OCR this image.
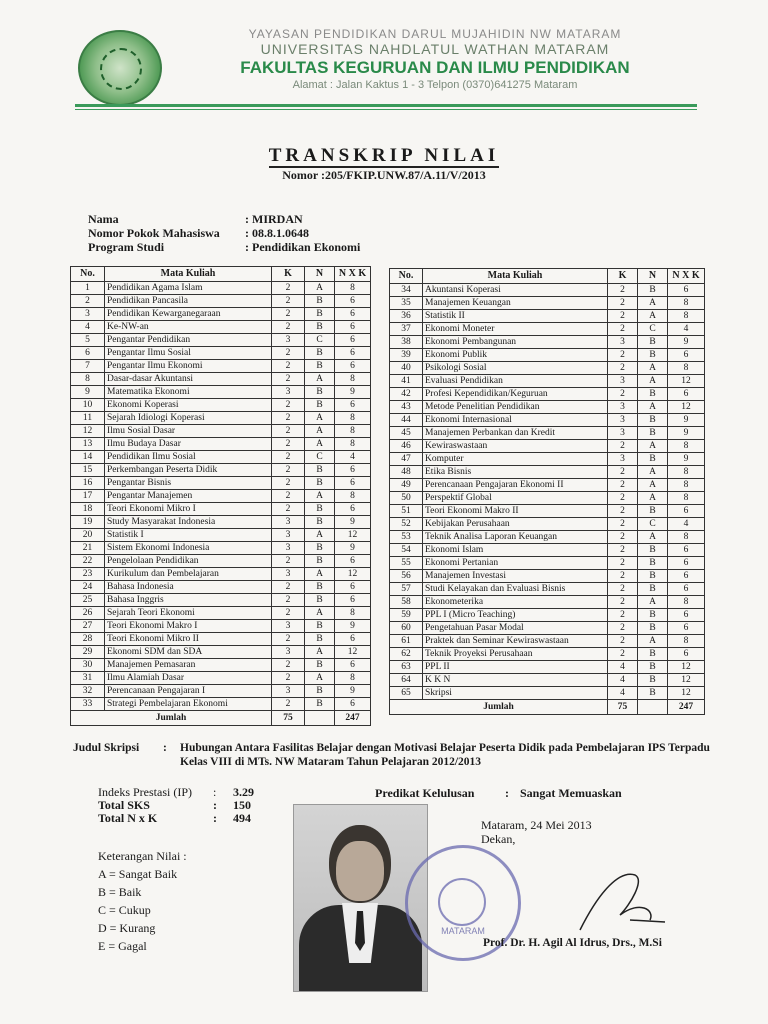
YAYASAN PENDIDIKAN DARUL MUJAHIDIN NW MATARAM
UNIVERSITAS NAHDLATUL WATHAN MATARAM
FAKULTAS KEGURUAN DAN ILMU PENDIDIKAN
Alamat : Jalan Kaktus 1 - 3 Telpon (0370)641275 Mataram
TRANSKRIP NILAI
Nomor :205/FKIP.UNW.87/A.11/V/2013
Nama	: MIRDAN
Nomor Pokok Mahasiswa	: 08.8.1.0648
Program Studi	: Pendidikan Ekonomi
No.	Mata Kuliah	K	N	N X K
1	Pendidikan Agama Islam	2	A	8
2	Pendidikan Pancasila	2	B	6
3	Pendidikan Kewarganegaraan	2	B	6
4	Ke-NW-an	2	B	6
5	Pengantar Pendidikan	3	C	6
6	Pengantar Ilmu Sosial	2	B	6
7	Pengantar Ilmu Ekonomi	2	B	6
8	Dasar-dasar Akuntansi	2	A	8
9	Matematika Ekonomi	3	B	9
10	Ekonomi Koperasi	2	B	6
11	Sejarah Idiologi Koperasi	2	A	8
12	Ilmu Sosial Dasar	2	A	8
13	Ilmu Budaya Dasar	2	A	8
14	Pendidikan Ilmu Sosial	2	C	4
15	Perkembangan Peserta Didik	2	B	6
16	Pengantar Bisnis	2	B	6
17	Pengantar Manajemen	2	A	8
18	Teori Ekonomi Mikro I	2	B	6
19	Study Masyarakat Indonesia	3	B	9
20	Statistik I	3	A	12
21	Sistem Ekonomi Indonesia	3	B	9
22	Pengelolaan Pendidikan	2	B	6
23	Kurikulum dan Pembelajaran	3	A	12
24	Bahasa Indonesia	2	B	6
25	Bahasa Inggris	2	B	6
26	Sejarah Teori Ekonomi	2	A	8
27	Teori Ekonomi Makro I	3	B	9
28	Teori Ekonomi Mikro II	2	B	6
29	Ekonomi SDM dan SDA	3	A	12
30	Manajemen Pemasaran	2	B	6
31	Ilmu Alamiah Dasar	2	A	8
32	Perencanaan Pengajaran I	3	B	9
33	Strategi Pembelajaran Ekonomi	2	B	6
Jumlah		75		247
No.	Mata Kuliah	K	N	N X K
34	Akuntansi Koperasi	2	B	6
35	Manajemen Keuangan	2	A	8
36	Statistik II	2	A	8
37	Ekonomi Moneter	2	C	4
38	Ekonomi Pembangunan	3	B	9
39	Ekonomi Publik	2	B	6
40	Psikologi Sosial	2	A	8
41	Evaluasi Pendidikan	3	A	12
42	Profesi Kependidikan/Keguruan	2	B	6
43	Metode Penelitian Pendidikan	3	A	12
44	Ekonomi Internasional	3	B	9
45	Manajemen Perbankan dan Kredit	3	B	9
46	Kewiraswastaan	2	A	8
47	Komputer	3	B	9
48	Etika Bisnis	2	A	8
49	Perencanaan Pengajaran Ekonomi II	2	A	8
50	Perspektif Global	2	A	8
51	Teori Ekonomi Makro II	2	B	6
52	Kebijakan Perusahaan	2	C	4
53	Teknik Analisa Laporan Keuangan	2	A	8
54	Ekonomi Islam	2	B	6
55	Ekonomi Pertanian	2	B	6
56	Manajemen Investasi	2	B	6
57	Studi Kelayakan dan Evaluasi Bisnis	2	B	6
58	Ekonometerika	2	A	8
59	PPL I (Micro Teaching)	2	B	6
60	Pengetahuan Pasar Modal	2	B	6
61	Praktek dan Seminar Kewiraswastaan	2	A	8
62	Teknik Proyeksi Perusahaan	2	B	6
63	PPL II	4	B	12
64	K K N	4	B	12
65	Skripsi	4	B	12
Jumlah		75		247
Judul Skripsi : Hubungan Antara Fasilitas Belajar dengan Motivasi Belajar Peserta Didik pada Pembelajaran IPS Terpadu Kelas VIII di MTs. NW Mataram Tahun Pelajaran 2012/2013
Indeks Prestasi (IP)	:	3.29
Total SKS	:	150
Total N x K	:	494
Predikat Kelulusan	: Sangat Memuaskan
Keterangan Nilai :
A = Sangat Baik
B = Baik
C = Cukup
D = Kurang
E = Gagal
Mataram, 24 Mei 2013
Dekan,
MATARAM
Prof. Dr. H. Agil Al Idrus, Drs., M.Si
